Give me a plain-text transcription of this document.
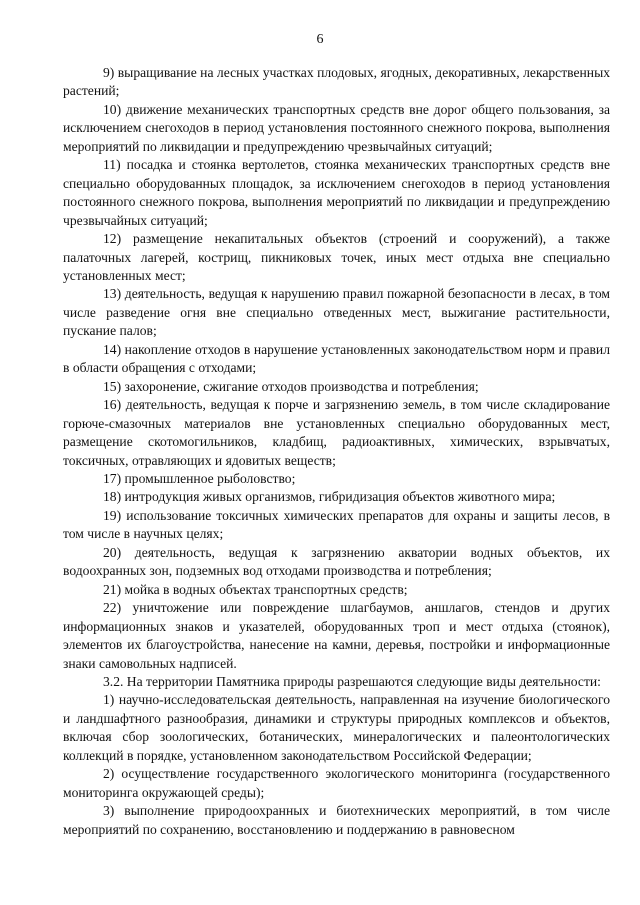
6

9) выращивание на лесных участках плодовых, ягодных, декоративных, лекарственных растений;

10) движение механических транспортных средств вне дорог общего пользования, за исключением снегоходов в период установления постоянного снежного покрова, выполнения мероприятий по ликвидации и предупреждению чрезвычайных ситуаций;

11) посадка и стоянка вертолетов, стоянка механических транспортных средств вне специально оборудованных площадок, за исключением снегоходов в период установления постоянного снежного покрова, выполнения мероприятий по ликвидации и предупреждению чрезвычайных ситуаций;

12) размещение некапитальных объектов (строений и сооружений), а также палаточных лагерей, кострищ, пикниковых точек, иных мест отдыха вне специально установленных мест;

13) деятельность, ведущая к нарушению правил пожарной безопасности в лесах, в том числе разведение огня вне специально отведенных мест, выжигание растительности, пускание палов;

14) накопление отходов в нарушение установленных законодательством норм и правил в области обращения с отходами;

15) захоронение, сжигание отходов производства и потребления;

16) деятельность, ведущая к порче и загрязнению земель, в том числе складирование горюче-смазочных материалов вне установленных специально оборудованных мест, размещение скотомогильников, кладбищ, радиоактивных, химических, взрывчатых, токсичных, отравляющих и ядовитых веществ;

17) промышленное рыболовство;

18) интродукция живых организмов, гибридизация объектов животного мира;

19) использование токсичных химических препаратов для охраны и защиты лесов, в том числе в научных целях;

20) деятельность, ведущая к загрязнению акватории водных объектов, их водоохранных зон, подземных вод отходами производства и потребления;

21) мойка в водных объектах транспортных средств;

22) уничтожение или повреждение шлагбаумов, аншлагов, стендов и других информационных знаков и указателей, оборудованных троп и мест отдыха (стоянок), элементов их благоустройства, нанесение на камни, деревья, постройки и информационные знаки самовольных надписей.

3.2. На территории Памятника природы разрешаются следующие виды деятельности:

1) научно-исследовательская деятельность, направленная на изучение биологического и ландшафтного разнообразия, динамики и структуры природных комплексов и объектов, включая сбор зоологических, ботанических, минералогических и палеонтологических коллекций в порядке, установленном законодательством Российской Федерации;

2) осуществление государственного экологического мониторинга (государственного мониторинга окружающей среды);

3) выполнение природоохранных и биотехнических мероприятий, в том числе мероприятий по сохранению, восстановлению и поддержанию в равновесном
